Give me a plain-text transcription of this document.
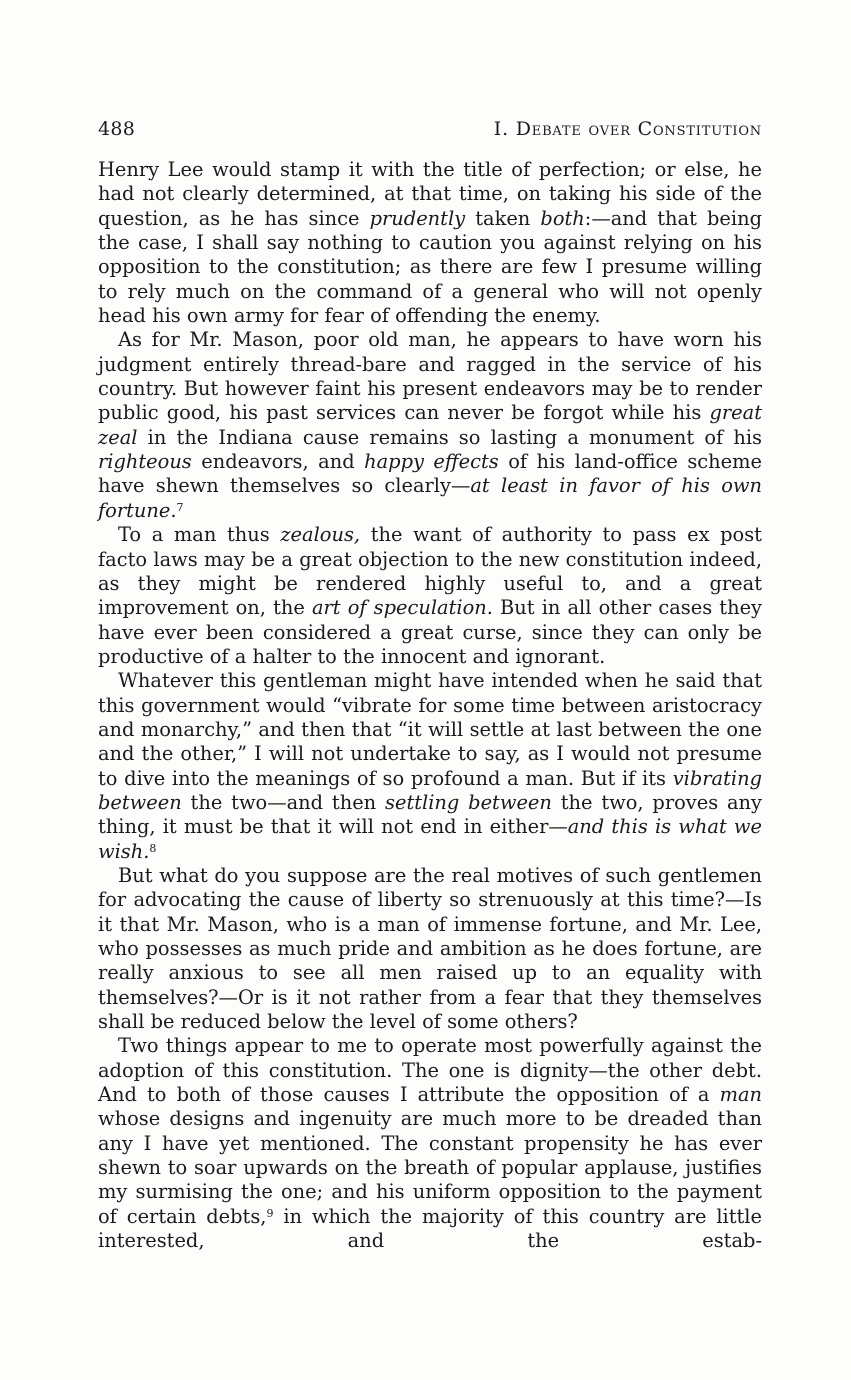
488	I. Debate over Constitution

Henry Lee would stamp it with the title of perfection; or else, he had not clearly determined, at that time, on taking his side of the question, as he has since prudently taken both:—and that being the case, I shall say nothing to caution you against relying on his opposition to the constitution; as there are few I presume willing to rely much on the command of a general who will not openly head his own army for fear of offending the enemy.

As for Mr. Mason, poor old man, he appears to have worn his judgment entirely thread-bare and ragged in the service of his country. But however faint his present endeavors may be to render public good, his past services can never be forgot while his great zeal in the Indiana cause remains so lasting a monument of his righteous endeavors, and happy effects of his land-office scheme have shewn themselves so clearly—at least in favor of his own fortune.$^7$

To a man thus zealous, the want of authority to pass ex post facto laws may be a great objection to the new constitution indeed, as they might be rendered highly useful to, and a great improvement on, the art of speculation. But in all other cases they have ever been considered a great curse, since they can only be productive of a halter to the innocent and ignorant.

Whatever this gentleman might have intended when he said that this government would “vibrate for some time between aristocracy and monarchy,” and then that “it will settle at last between the one and the other,” I will not undertake to say, as I would not presume to dive into the meanings of so profound a man. But if its vibrating between the two—and then settling between the two, proves any thing, it must be that it will not end in either—and this is what we wish.$^8$

But what do you suppose are the real motives of such gentlemen for advocating the cause of liberty so strenuously at this time?—Is it that Mr. Mason, who is a man of immense fortune, and Mr. Lee, who possesses as much pride and ambition as he does fortune, are really anxious to see all men raised up to an equality with themselves?—Or is it not rather from a fear that they themselves shall be reduced below the level of some others?

Two things appear to me to operate most powerfully against the adoption of this constitution. The one is dignity—the other debt. And to both of those causes I attribute the opposition of a man whose designs and ingenuity are much more to be dreaded than any I have yet mentioned. The constant propensity he has ever shewn to soar upwards on the breath of popular applause, justifies my surmising the one; and his uniform opposition to the payment of certain debts,$^9$ in which the majority of this country are little interested, and the estab-
